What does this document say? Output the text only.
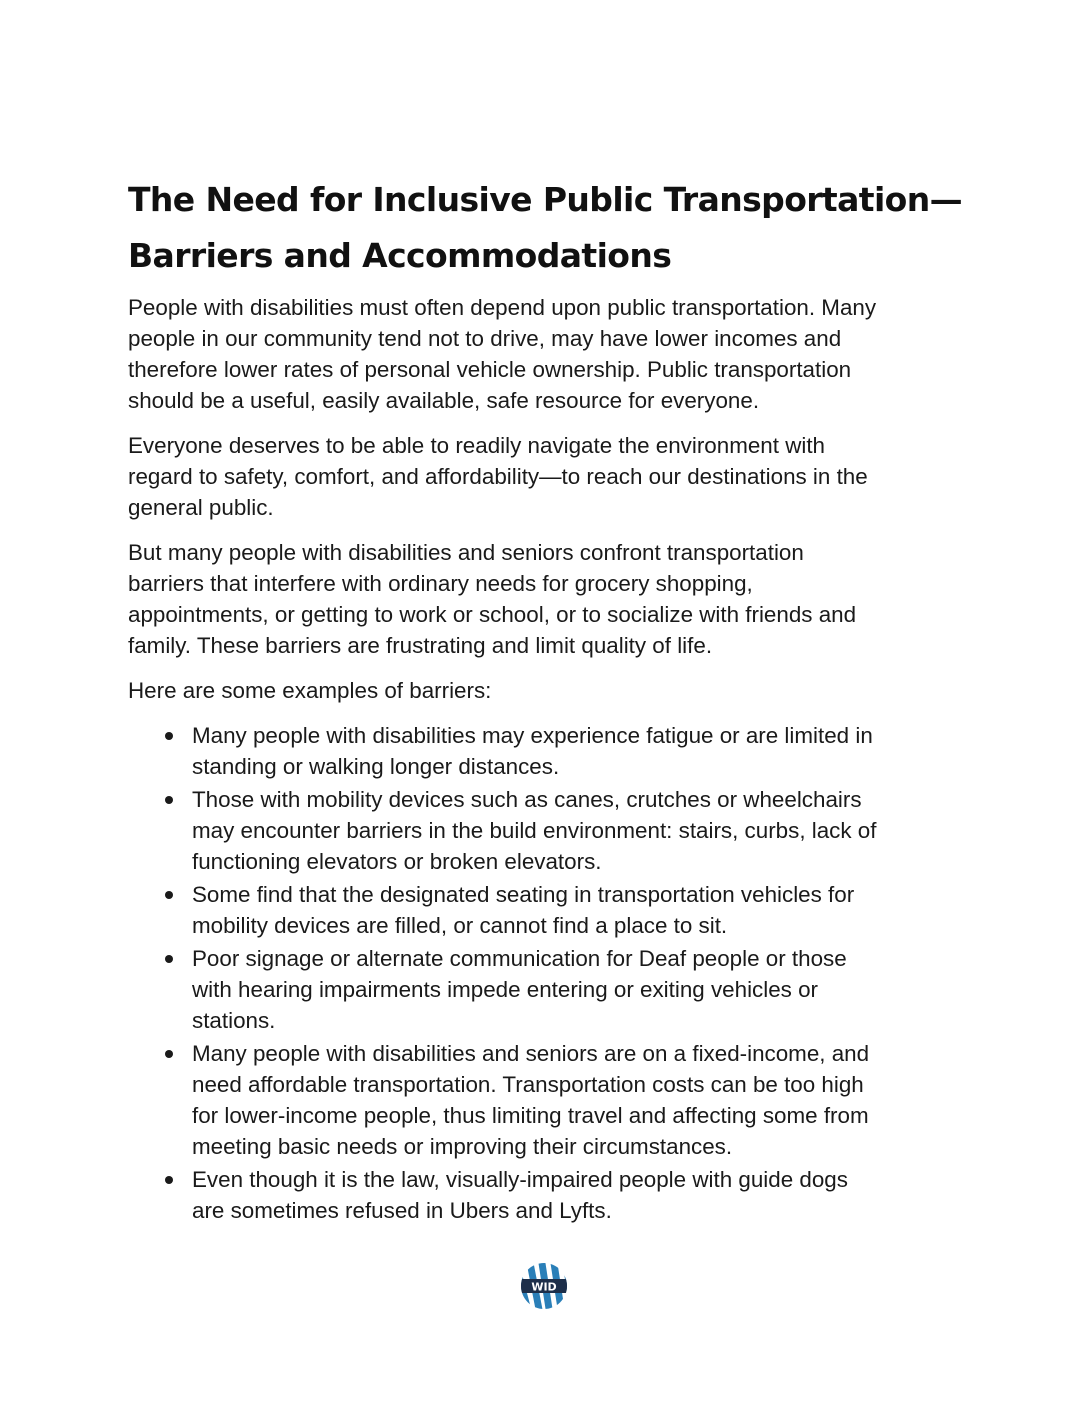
The Need for Inclusive Public Transportation—
Barriers and Accommodations

People with disabilities must often depend upon public transportation. Many
people in our community tend not to drive, may have lower incomes and
therefore lower rates of personal vehicle ownership. Public transportation
should be a useful, easily available, safe resource for everyone.

Everyone deserves to be able to readily navigate the environment with
regard to safety, comfort, and affordability—to reach our destinations in the
general public.

But many people with disabilities and seniors confront transportation
barriers that interfere with ordinary needs for grocery shopping,
appointments, or getting to work or school, or to socialize with friends and
family. These barriers are frustrating and limit quality of life.

Here are some examples of barriers:

Many people with disabilities may experience fatigue or are limited in
standing or walking longer distances.
Those with mobility devices such as canes, crutches or wheelchairs
may encounter barriers in the build environment: stairs, curbs, lack of
functioning elevators or broken elevators.
Some find that the designated seating in transportation vehicles for
mobility devices are filled, or cannot find a place to sit.
Poor signage or alternate communication for Deaf people or those
with hearing impairments impede entering or exiting vehicles or
stations.
Many people with disabilities and seniors are on a fixed-income, and
need affordable transportation. Transportation costs can be too high
for lower-income people, thus limiting travel and affecting some from
meeting basic needs or improving their circumstances.
Even though it is the law, visually-impaired people with guide dogs
are sometimes refused in Ubers and Lyfts.
WID
